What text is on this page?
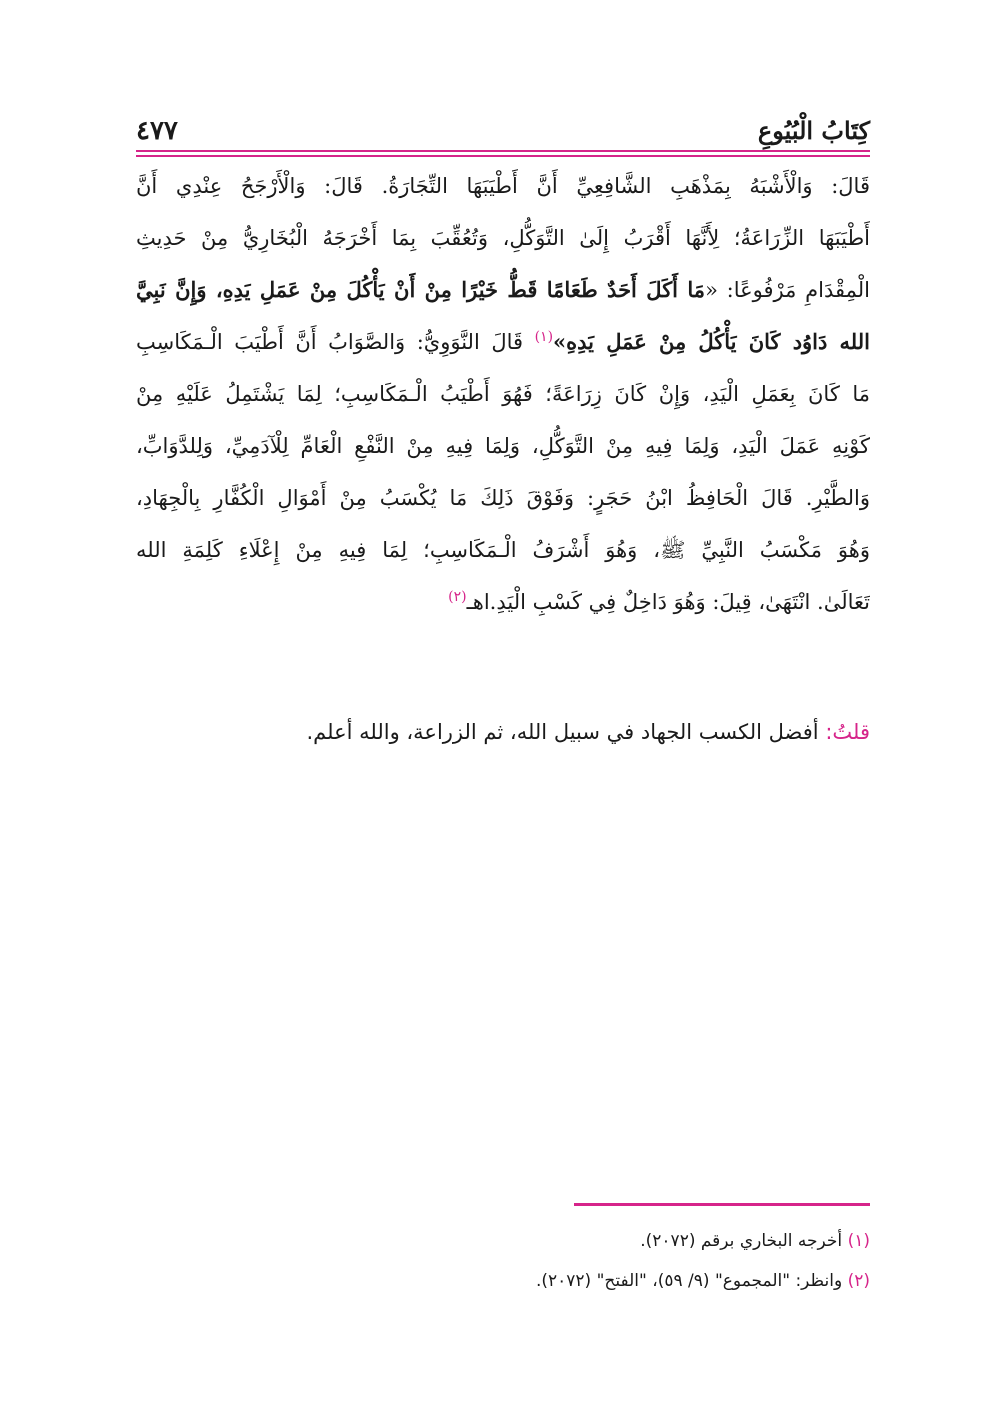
كِتَابُ الْبُيُوعِ
٤٧٧
قَالَ: وَالْأَشْبَهُ بِمَذْهَبِ الشَّافِعِيِّ أَنَّ أَطْيَبَهَا التِّجَارَةُ. قَالَ: وَالْأَرْجَحُ عِنْدِي أَنَّ
أَطْيَبَهَا الزِّرَاعَةُ؛ لِأَنَّهَا أَقْرَبُ إِلَىٰ التَّوَكُّلِ، وَتُعُقِّبَ بِمَا أَخْرَجَهُ الْبُخَارِيُّ مِنْ حَدِيثِ
الْمِقْدَامِ مَرْفُوعًا: «مَا أَكَلَ أَحَدٌ طَعَامًا قَطُّ خَيْرًا مِنْ أَنْ يَأْكُلَ مِنْ عَمَلِ يَدِهِ، وَإِنَّ نَبِيَّ
الله دَاوُد كَانَ يَأْكُلُ مِنْ عَمَلِ يَدِهِ»$^{(١)}$ قَالَ النَّوَوِيُّ: وَالصَّوَابُ أَنَّ أَطْيَبَ الْـمَكَاسِبِ
مَا كَانَ بِعَمَلِ الْيَدِ، وَإِنْ كَانَ زِرَاعَةً؛ فَهُوَ أَطْيَبُ الْـمَكَاسِبِ؛ لِمَا يَشْتَمِلُ عَلَيْهِ مِنْ
كَوْنِهِ عَمَلَ الْيَدِ، وَلِمَا فِيهِ مِنْ التَّوَكُّلِ، وَلِمَا فِيهِ مِنْ النَّفْعِ الْعَامِّ لِلْآدَمِيِّ، وَلِلدَّوَابِّ،
وَالطَّيْرِ. قَالَ الْحَافِظُ ابْنُ حَجَرٍ: وَفَوْقَ ذَلِكَ مَا يُكْسَبُ مِنْ أَمْوَالِ الْكُفَّارِ بِالْجِهَادِ،
وَهُوَ مَكْسَبُ النَّبِيِّ ﷺ، وَهُوَ أَشْرَفُ الْـمَكَاسِبِ؛ لِمَا فِيهِ مِنْ إِعْلَاءِ كَلِمَةِ الله
تَعَالَىٰ. انْتَهَىٰ، قِيلَ: وَهُوَ دَاخِلٌ فِي كَسْبِ الْيَدِ.اهـ$^{(٢)}$
قلتُ: أفضل الكسب الجهاد في سبيل الله، ثم الزراعة، والله أعلم.
(١) أخرجه البخاري برقم (٢٠٧٢).
(٢) وانظر: "المجموع" (٩/ ٥٩)، "الفتح" (٢٠٧٢).
